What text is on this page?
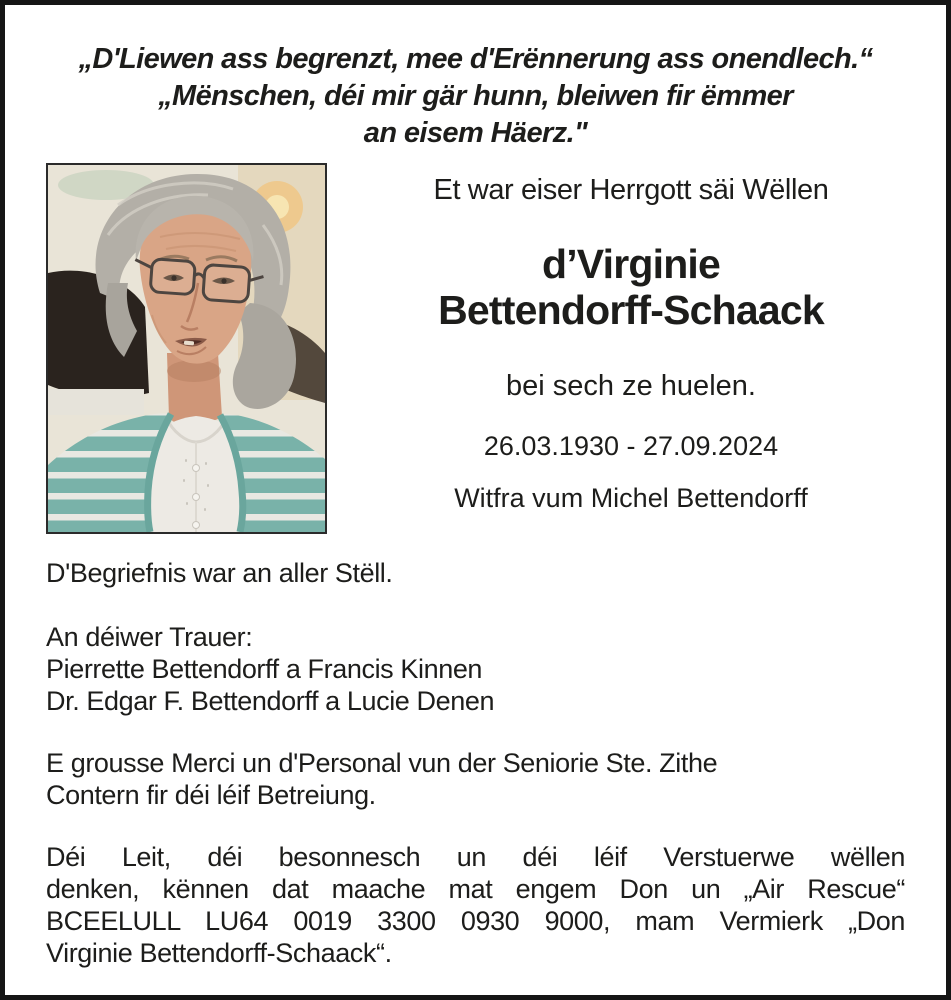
„D'Liewen ass begrenzt, mee d'Erënnerung ass onendlech.“
„Mënschen, déi mir gär hunn, bleiwen fir ëmmer
an eisem Häerz."
Et war eiser Herrgott säi Wëllen
d’Virginie
Bettendorff-Schaack
bei sech ze huelen.
26.03.1930 - 27.09.2024
Witfra vum Michel Bettendorff
D'Begriefnis war an aller Stëll.
An déiwer Trauer:
Pierrette Bettendorff a Francis Kinnen
Dr. Edgar F. Bettendorff a Lucie Denen
E grousse Merci un d'Personal vun der Seniorie Ste. Zithe
Contern fir déi léif Betreiung.
Déi Leit, déi besonnesch un déi léif Verstuerwe wëllen
denken, kënnen dat maache mat engem Don un „Air Rescue“
BCEELULL LU64 0019 3300 0930 9000, mam Vermierk „Don
Virginie Bettendorff-Schaack“.
